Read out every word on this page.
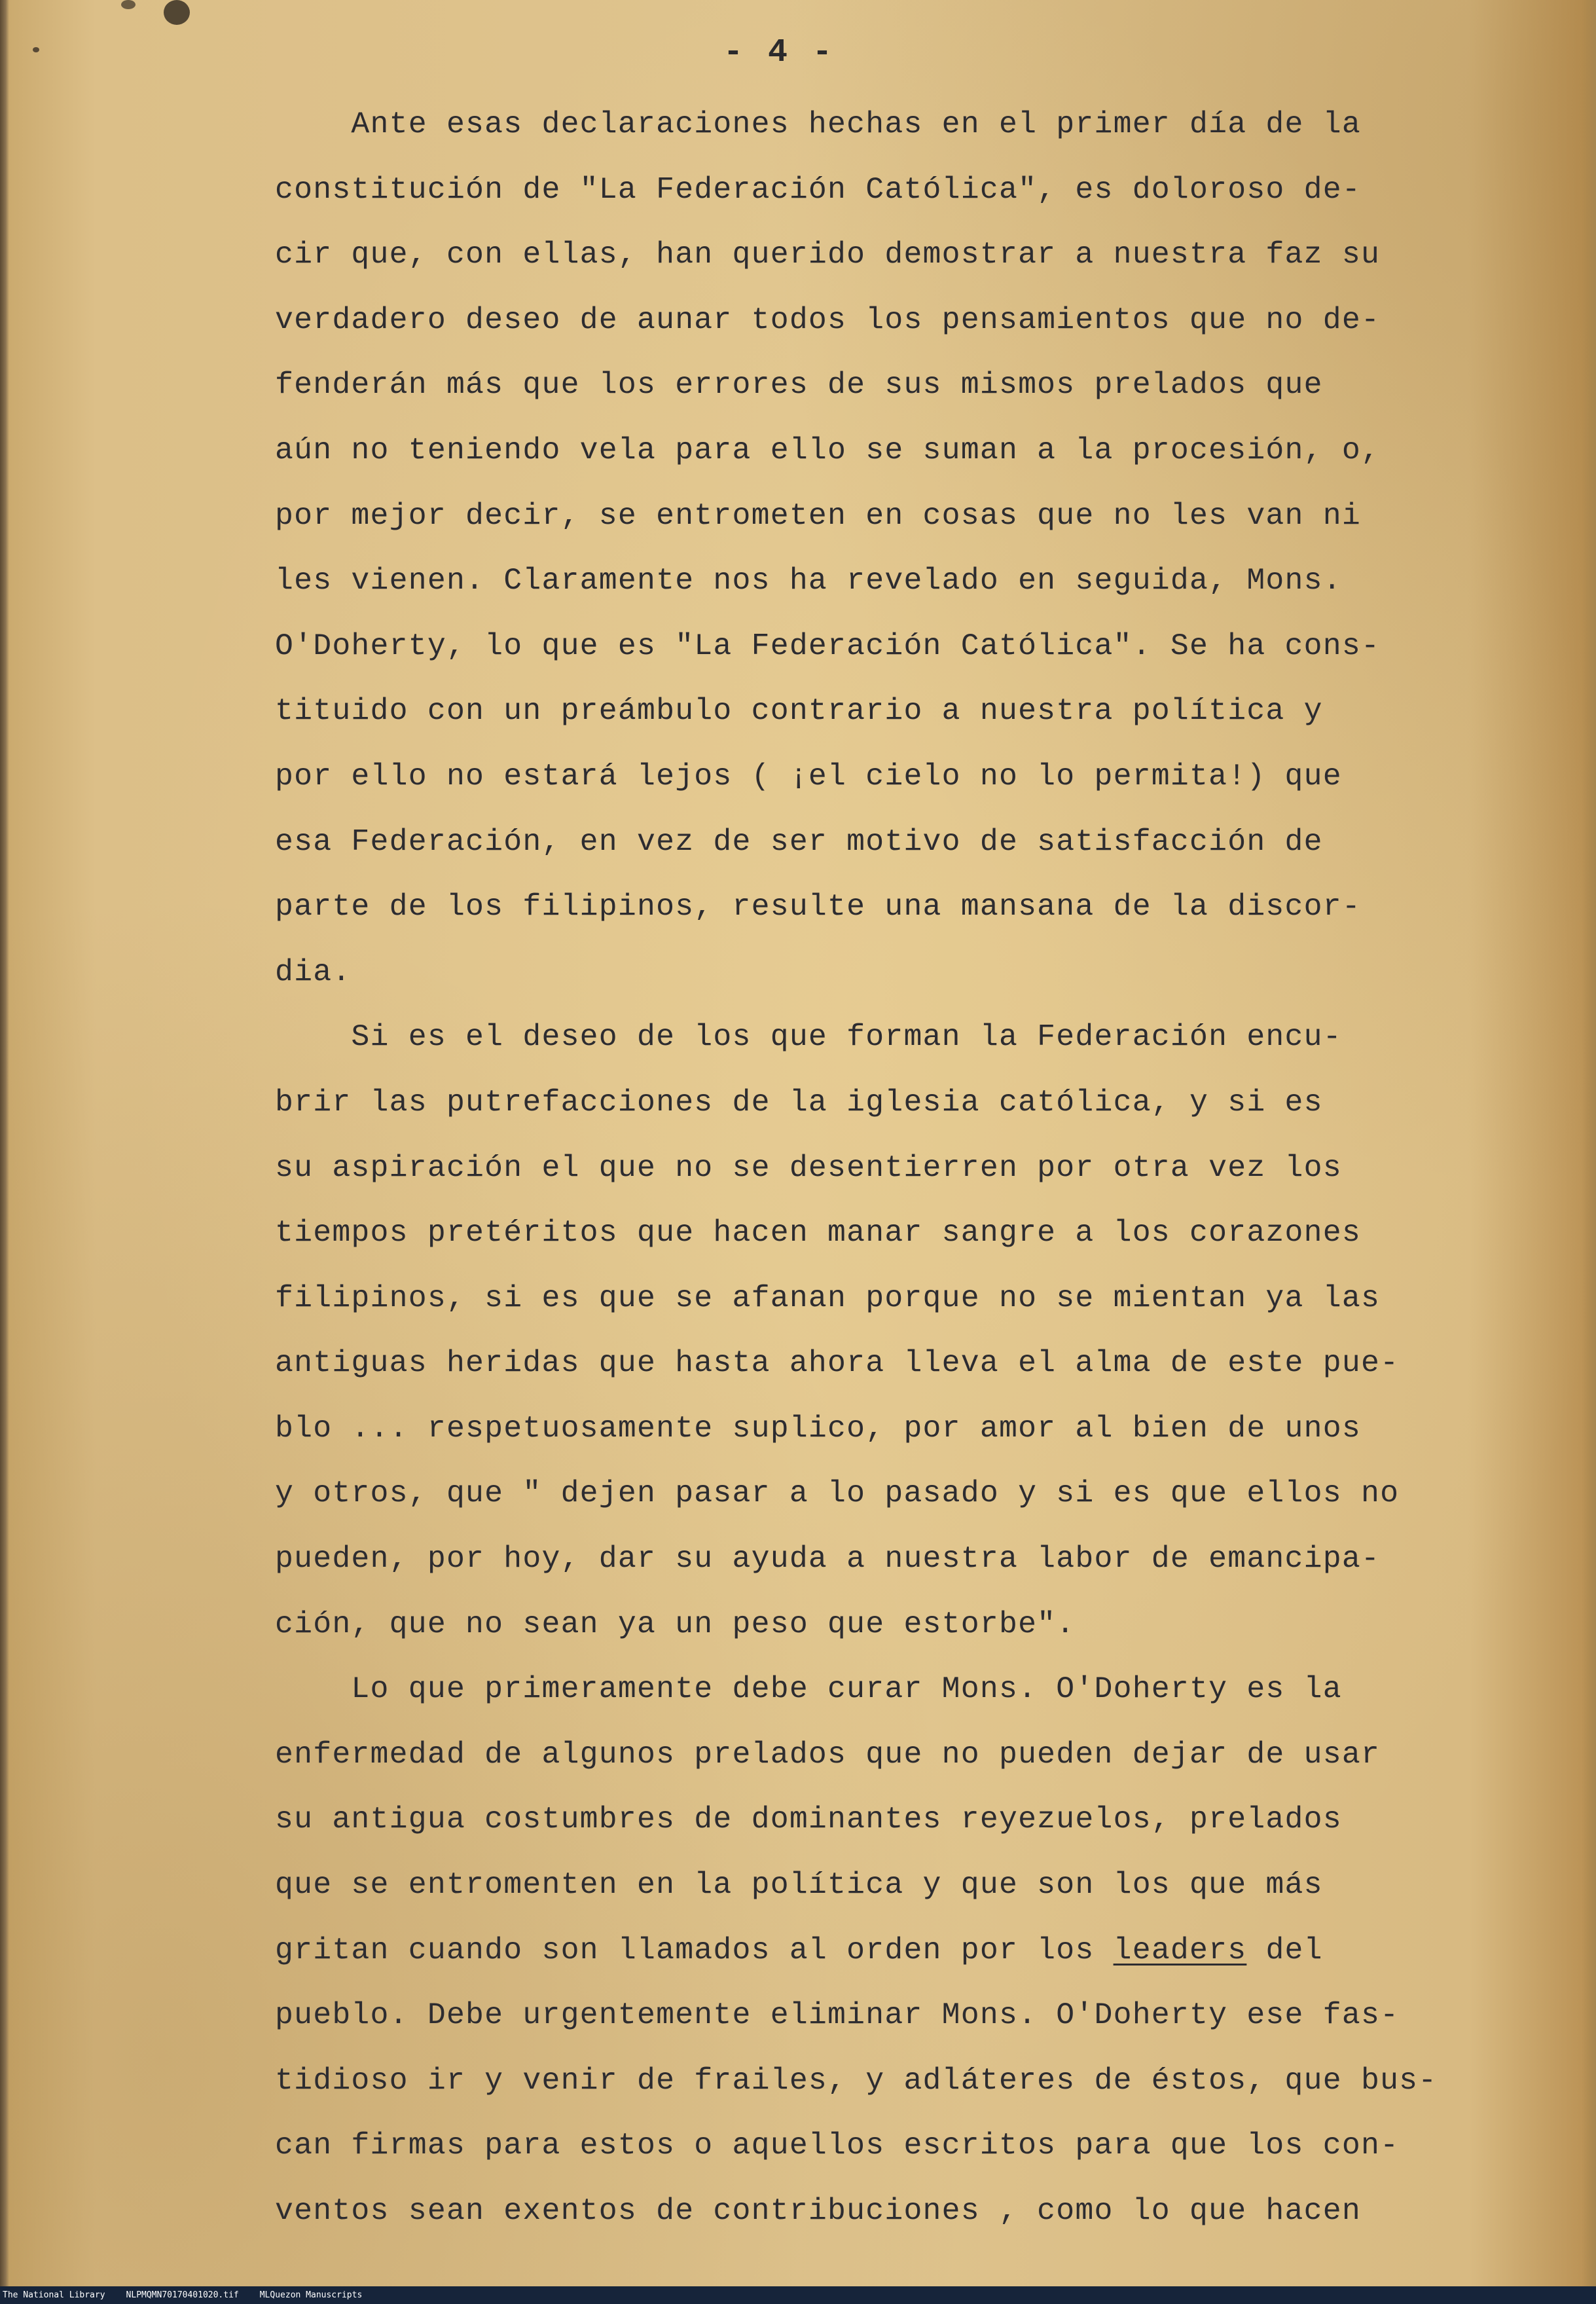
- 4 -
Ante esas declaraciones hechas en el primer día de la
constitución de "La Federación Católica", es doloroso de-
cir que, con ellas, han querido demostrar a nuestra faz su
verdadero deseo de aunar todos los pensamientos que no de-
fenderán más que los errores de sus mismos prelados que
aún no teniendo vela para ello se suman a la procesión, o,
por mejor decir, se entrometen en cosas que no les van ni
les vienen. Claramente nos ha revelado en seguida, Mons.
O'Doherty, lo que es "La Federación Católica". Se ha cons-
tituido con un preámbulo contrario a nuestra política y
por ello no estará lejos ( ¡el cielo no lo permita!) que
esa Federación, en vez de ser motivo de satisfacción de
parte de los filipinos, resulte una mansana de la discor-
dia.
Si es el deseo de los que forman la Federación encu-
brir las putrefacciones de la iglesia católica, y si es
su aspiración el que no se desentierren por otra vez los
tiempos pretéritos que hacen manar sangre a los corazones
filipinos, si es que se afanan porque no se mientan ya las
antiguas heridas que hasta ahora lleva el alma de este pue-
blo ... respetuosamente suplico, por amor al bien de unos
y otros, que " dejen pasar a lo pasado y si es que ellos no
pueden, por hoy, dar su ayuda a nuestra labor de emancipa-
ción, que no sean ya un peso que estorbe".
Lo que primeramente debe curar Mons. O'Doherty es la
enfermedad de algunos prelados que no pueden dejar de usar
su antigua costumbres de dominantes reyezuelos, prelados
que se entromenten en la política y que son los que más
gritan cuando son llamados al orden por los leaders del
pueblo. Debe urgentemente eliminar Mons. O'Doherty ese fas-
tidioso ir y venir de frailes, y adláteres de éstos, que bus-
can firmas para estos o aquellos escritos para que los con-
ventos sean exentos de contribuciones , como lo que hacen
The National Library NLPMQMN70170401020.tif MLQuezon Manuscripts
